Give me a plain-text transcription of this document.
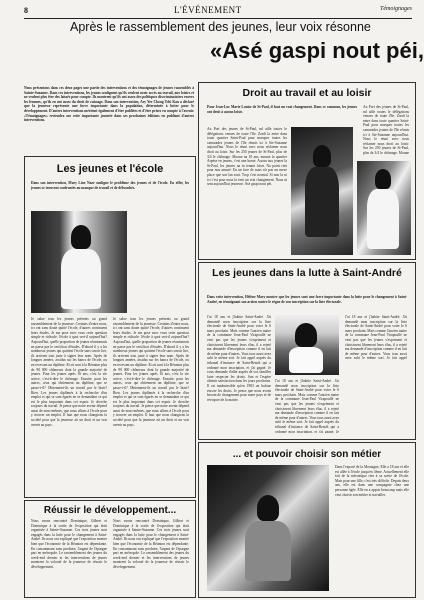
8	L'ÉVÉNEMENT	Témoignages
Après le rassemblement des jeunes, leur voix résonne
«Asé gaspi nout péi,
Nous présentons dans ces deux pages une partie des interventions et des témoignages de jeunes rassemblés à Sainte-Suzanne. Dans ces interventions, les jeunes soulignent qu'ils veulent avoir accès au travail, aux loisirs et ne veulent plus être des laissés pour compte. Ils montrent qu'ils ont assez des politiques discriminatoires envers les femmes, qu'ils en ont assez du droit de cuissage. Dans son intervention, Ary Yee Chong Tchi Kan a déclaré que la jeunesse représente une force importante dans la population, déterminée à lutter pour le développement. D'autres interventions méritent également d'être publiées et d'être prises en compte à l'avenir. «Témoignages» reviendra sur cette importante journée dans ses prochaines éditions en publiant d'autres interventions.
Droit au travail et au loisir
Pour Jean-Luc Marie Louise de St-Paul, il faut un vrai changement. Dans ce commun, les jeunes ont droit à aucun loisir.
Au Port des jeunes de St-Paul, ml aille toutes le délégations venues de toute l'île. Zardi la entre dans toute quartier Saint-Paul pour marquer toutes les camarades jeunes de l'île réunis ici à Ste-Suzanne aujourd'hui. Nous le réuni avec nous réclamer nous droit au loisir. Sur les 250 jeunes de St-Paul, plus de 3/4 le chômage. Moune na 10 ans, moune la quartier Arpèse en jeunes, c'est une honte. Aucun aux jeunes la St-Paul, les jeunes na in tenant loisir. Na point rien pour nou amusé. En un face de nous n'a pas un mexe place que son lan sont. Trop c'est normal. Si nou la ni ici c'est pour nous la vent un vrai changement. Nous ni sent aujourd'hui jeunesse. Asé gaspi nout péi.
Au Port des jeunes de St-Paul, ml aille toutes le délégations venues de toute l'île. Zardi la entre dans toute quartier Saint-Paul pour marquer toutes les camarades jeunes de l'île réunis ici à Ste-Suzanne aujourd'hui. Nous le réuni avec nous réclamer nous droit au loisir. Sur les 250 jeunes de St-Paul, plus de 3/4 le chômage. Moune
Les jeunes et l'école
Dans son intervention, Mary Line Naze souligne le problème des jeunes et de l'école. En effet, les jeunes se trouvent confrontés au manque de travail et de débouchés.
Je salue tous les jeunes présents au grand rassemblement de la jeunesse. Certains d'entre nous, ici ont sans doute quitté l'école, d'autres continuent leurs études. Je me pose avec vous cette question simple et ridicule: l'école à quoi sert-il aujourd'hui? Aujourd'hui, quelle proportion de jeunes réunionnais ne passe pas le certificat d'études. D'abord il y a les nombreux jeunes qui quittent l'école sans savoir lire, ils arrivent tout juste à signer leur nom. Après de longues années, assidus sur les bancs de l'école, ou en recevant un diplôme. Et où sont à la Réunion plus de 90 000 chômeurs dont la grande majorité de jeunes. Pour les jeunes après 16 ans, c'est la vie active, c'est-à-dire le chômage. Ensuite, pour les autres, ceux qui obtiennent un diplôme, que se passe-t-il? Obtiennent-ils un travail par le biais? Rien. Les jeunes diplômés à la recherche d'un emploi et qui se sont égarés en se demandant ce qui est le plus important dans cet espoir. Je cherche toujours du travail. Je pense que notre avenir dépend aussi de nous-mêmes, que nous allons à l'école pour y trouver un emploi. Il faut que nous changions la société pour que la jeunesse ait un droit et un vrai avenir au pays.
Je salue tous les jeunes présents au grand rassemblement de la jeunesse. Certains d'entre nous, ici ont sans doute quitté l'école, d'autres continuent leurs études. Je me pose avec vous cette question simple et ridicule: l'école à quoi sert-il aujourd'hui? Aujourd'hui, quelle proportion de jeunes réunionnais ne passe pas le certificat d'études. D'abord il y a les nombreux jeunes qui quittent l'école sans savoir lire, ils arrivent tout juste à signer leur nom. Après de longues années, assidus sur les bancs de l'école, ou en recevant un diplôme. Et où sont à la Réunion plus de 90 000 chômeurs dont la grande majorité de jeunes. Pour les jeunes après 16 ans, c'est la vie active, c'est-à-dire le chômage. Ensuite, pour les autres, ceux qui obtiennent un diplôme, que se passe-t-il? Obtiennent-ils un travail par le biais? Rien. Les jeunes diplômés à la recherche d'un emploi et qui se sont égarés en se demandant ce qui est le plus important dans cet espoir. Je cherche toujours du travail. Je pense que notre avenir dépend aussi de nous-mêmes, que nous allons à l'école pour y trouver un emploi. Il faut que nous changions la société pour que la jeunesse ait un droit et un vrai avenir au pays.
Les jeunes dans la lutte à Saint-André
Dans cette intervention, Hélène Mary montre que les jeunes sont une force importante dans la lutte pour le changement à Saint-André, en témoignant son action contre le règne de son inscription sur la liste électorale.
J'ai 18 ans et j'habite Saint-André. J'ai demandé mon inscription sur la liste électorale de Saint-André pour voter le 6 mars prochain. Mais comme l'ancien maire de la commune Jean-Paul Virapoullé ne veut pas que les jeunes s'expriment et choisissent librement leurs élus, il a rejeté ma demande d'inscription comme il en fait de même pour d'autres. Vous tous aussi avez subi le même sort. Je fait appel auprès du tribunal d'instance de Saint-Benoît qui a ordonné mon inscription, et j'ai gagné. Je vous demande d'aller auprès de vos familles faire respecter les droits. Son et l'espère obtenir satisfaction dans les jours prochains. Il est inadmissible qu'en 1983 on bafoue encore les droits. Je pense que nous avons besoin de changement pour notre pays et de révoquer de la mairie.
J'ai 18 ans et j'habite Saint-André. J'ai demandé mon inscription sur la liste électorale de Saint-André pour voter le 6 mars prochain. Mais comme l'ancien maire de la commune Jean-Paul Virapoullé ne veut pas que les jeunes s'expriment et choisissent librement leurs élus, il a rejeté ma demande d'inscription comme il en fait de même pour d'autres. Vous tous aussi avez subi le même sort. Je fait appel auprès du tribunal d'instance de Saint-Benoît qui a ordonné mon inscription, et j'ai gagné. Je
J'ai 18 ans et j'habite Saint-André. J'ai demandé mon inscription sur la liste électorale de Saint-André pour voter le 6 mars prochain. Mais comme l'ancien maire de la commune Jean-Paul Virapoullé ne veut pas que les jeunes s'expriment et choisissent librement leurs élus, il a rejeté ma demande d'inscription comme il en fait de même pour d'autres. Vous tous aussi avez subi le même sort. Je fait appel
... et pouvoir choisir son métier
Dans l'exposé de la Montagne, Elle a 18 ans et elle est allée à l'école jusqu'en 3ème. Actuellement elle fait de la mécanique rien à sa sortie de l'école. Mais pour une fille, c'est très difficile. Depuis deux ans, elle est dans une compagnie chez une personne âgée. Elle en a appris beaucoup mais elle veut choisir son métier et travailler.
Réussir le développement...
Nous avons rencontré Dominique, Gilbert et Dominique à la sortie de l'exposition qui était organisée à Sainte-Suzanne. Ces trois jeunes sont engagés dans la lutte pour le changement à Saint-André. Ils nous ont expliqué que l'exposition montre bien que l'économie de la Réunion est dépendante. En consommant sans produire, l'argent de l'épargne part en métropole. Le rassemblement des jeunes du week-end dernier et les interventions de jeunes montrent la volonté de la jeunesse de réussir le développement.
Nous avons rencontré Dominique, Gilbert et Dominique à la sortie de l'exposition qui était organisée à Sainte-Suzanne. Ces trois jeunes sont engagés dans la lutte pour le changement à Saint-André. Ils nous ont expliqué que l'exposition montre bien que l'économie de la Réunion est dépendante. En consommant sans produire, l'argent de l'épargne part en métropole. Le rassemblement des jeunes du week-end dernier et les interventions de jeunes montrent la volonté de la jeunesse de réussir le développement.
